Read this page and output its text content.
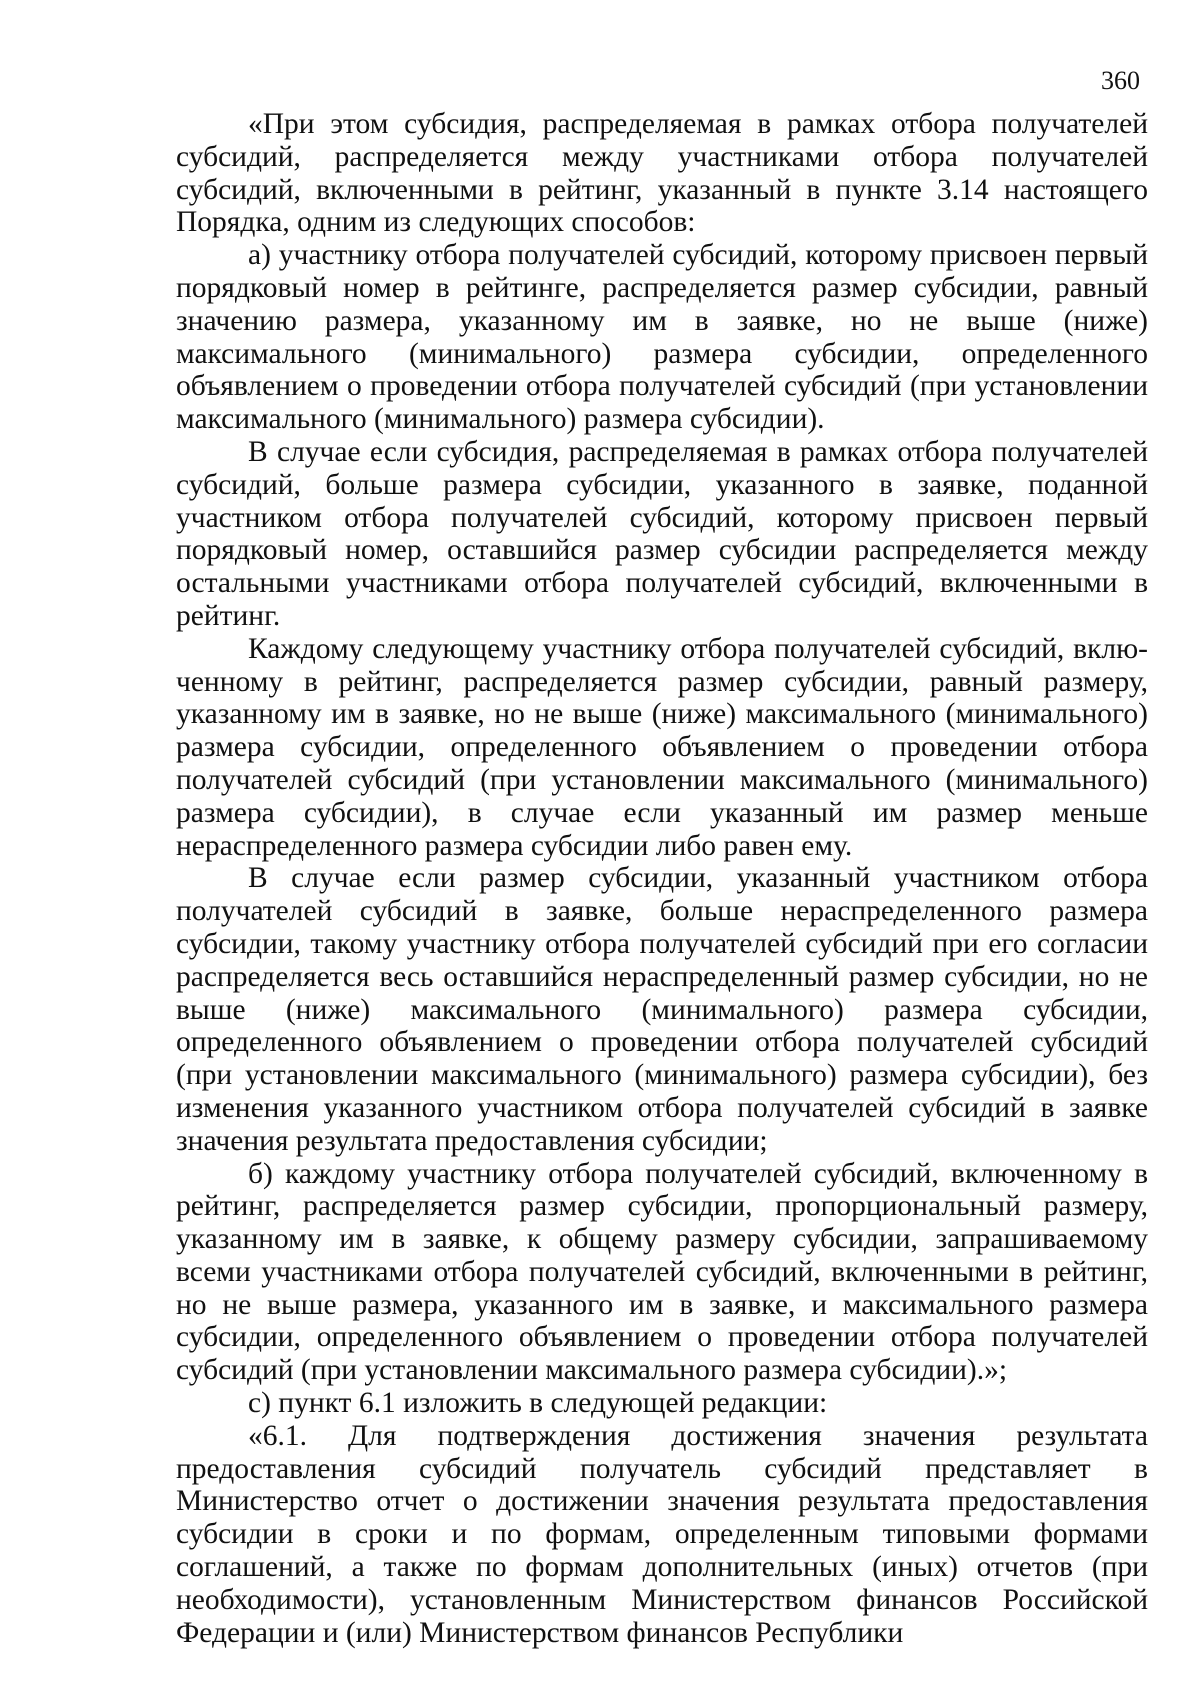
360

«При этом субсидия, распределяемая в рамках отбора получателей субсидий, распределяется между участниками отбора получателей субсидий, включенными в рейтинг, указанный в пункте 3.14 настоящего Порядка, одним из следующих способов:

а) участнику отбора получателей субсидий, которому присвоен первый порядковый номер в рейтинге, распределяется размер субсидии, равный значению размера, указанному им в заявке, но не выше (ниже) максимального (минимального) размера субсидии, определенного объявлением о проведении отбора получателей субсидий (при установлении максимального (минимального) размера субсидии).

В случае если субсидия, распределяемая в рамках отбора получателей субсидий, больше размера субсидии, указанного в заявке, поданной участником отбора получателей субсидий, которому присвоен первый порядковый номер, оставшийся размер субсидии распределяется между остальными участниками отбора получателей субсидий, включенными в рейтинг.

Каждому следующему участнику отбора получателей субсидий, включенному в рейтинг, распределяется размер субсидии, равный размеру, указанному им в заявке, но не выше (ниже) максимального (минимального) размера субсидии, определенного объявлением о проведении отбора получателей субсидий (при установлении максимального (минимального) размера субсидии), в случае если указанный им размер меньше нераспределенного размера субсидии либо равен ему.

В случае если размер субсидии, указанный участником отбора получателей субсидий в заявке, больше нераспределенного размера субсидии, такому участнику отбора получателей субсидий при его согласии распределяется весь оставшийся нераспределенный размер субсидии, но не выше (ниже) максимального (минимального) размера субсидии, определенного объявлением о проведении отбора получателей субсидий (при установлении максимального (минимального) размера субсидии), без изменения указанного участником отбора получателей субсидий в заявке значения результата предоставления субсидии;

б) каждому участнику отбора получателей субсидий, включенному в рейтинг, распределяется размер субсидии, пропорциональный размеру, указанному им в заявке, к общему размеру субсидии, запрашиваемому всеми участниками отбора получателей субсидий, включенными в рейтинг, но не выше размера, указанного им в заявке, и максимального размера субсидии, определенного объявлением о проведении отбора получателей субсидий (при установлении максимального размера субсидии).»;

с) пункт 6.1 изложить в следующей редакции:

«6.1. Для подтверждения достижения значения результата предоставления субсидий получатель субсидий представляет в Министерство отчет о достижении значения результата предоставления субсидии в сроки и по формам, определенным типовыми формами соглашений, а также по формам дополнительных (иных) отчетов (при необходимости), установленным Министерством финансов Российской Федерации и (или) Министерством финансов Республики
